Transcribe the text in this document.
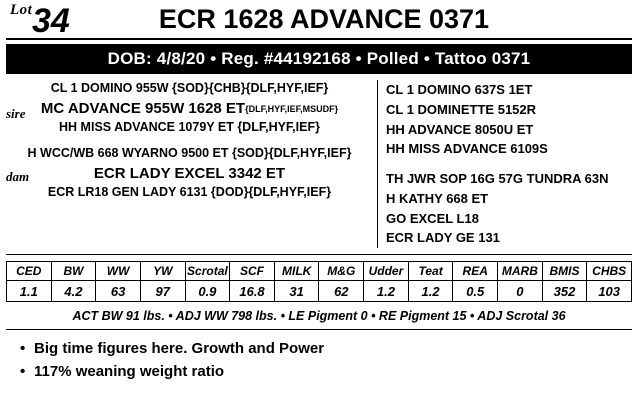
Lot 34	ECR 1628 ADVANCE 0371
DOB: 4/8/20 • Reg. #44192168 • Polled • Tattoo 0371
sire
CL 1 DOMINO 955W {SOD}{CHB}{DLF,HYF,IEF}
MC ADVANCE 955W 1628 ET{DLF,HYF,IEF,MSUDF}
HH MISS ADVANCE 1079Y ET {DLF,HYF,IEF}
dam
H WCC/WB 668 WYARNO 9500 ET {SOD}{DLF,HYF,IEF}
ECR LADY EXCEL 3342 ET
ECR LR18 GEN LADY 6131 {DOD}{DLF,HYF,IEF}
CL 1 DOMINO 637S 1ET
CL 1 DOMINETTE 5152R
HH ADVANCE 8050U ET
HH MISS ADVANCE 6109S
TH JWR SOP 16G 57G TUNDRA 63N
H KATHY 668 ET
GO EXCEL L18
ECR LADY GE 131
CED	BW	WW	YW	Scrotal	SCF	MILK	M&G	Udder	Teat	REA	MARB	BMIS	CHBS
1.1	4.2	63	97	0.9	16.8	31	62	1.2	1.2	0.5	0	352	103
ACT BW 91 lbs. • ADJ WW 798 lbs. • LE Pigment 0 • RE Pigment 15 • ADJ Scrotal 36
• Big time figures here. Growth and Power
• 117% weaning weight ratio
